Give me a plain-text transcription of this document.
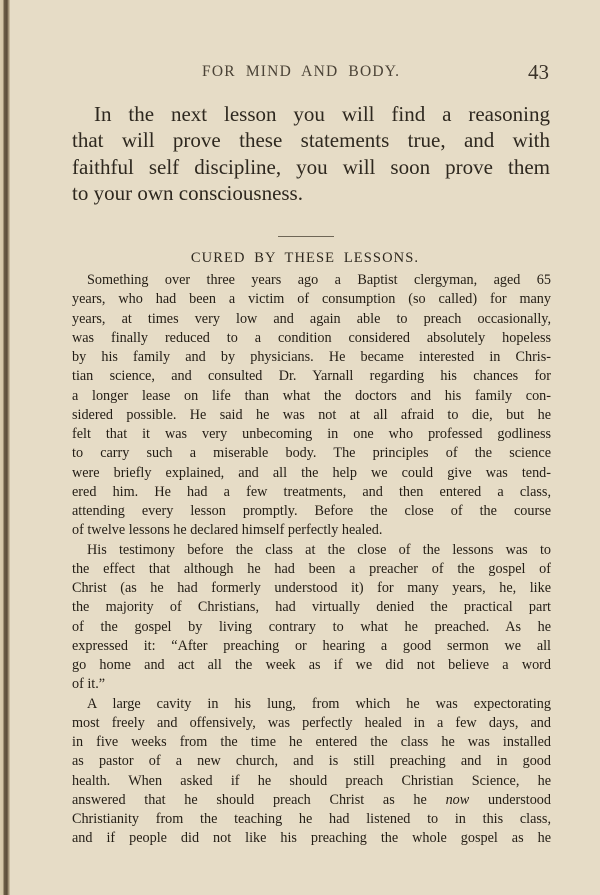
FOR MIND AND BODY.	43
In the next lesson you will find a reasoning
that will prove these statements true, and with
faithful self discipline, you will soon prove them
to your own consciousness.
CURED BY THESE LESSONS.
Something over three years ago a Baptist clergyman, aged 65
years, who had been a victim of consumption (so called) for many
years, at times very low and again able to preach occasionally,
was finally reduced to a condition considered absolutely hopeless
by his family and by physicians. He became interested in Chris-
tian science, and consulted Dr. Yarnall regarding his chances for
a longer lease on life than what the doctors and his family con-
sidered possible. He said he was not at all afraid to die, but he
felt that it was very unbecoming in one who professed godliness
to carry such a miserable body. The principles of the science
were briefly explained, and all the help we could give was tend-
ered him. He had a few treatments, and then entered a class,
attending every lesson promptly. Before the close of the course
of twelve lessons he declared himself perfectly healed.
His testimony before the class at the close of the lessons was to
the effect that although he had been a preacher of the gospel of
Christ (as he had formerly understood it) for many years, he, like
the majority of Christians, had virtually denied the practical part
of the gospel by living contrary to what he preached. As he
expressed it: “After preaching or hearing a good sermon we all
go home and act all the week as if we did not believe a word
of it.”
A large cavity in his lung, from which he was expectorating
most freely and offensively, was perfectly healed in a few days, and
in five weeks from the time he entered the class he was installed
as pastor of a new church, and is still preaching and in good
health. When asked if he should preach Christian Science, he
answered that he should preach Christ as he now understood
Christianity from the teaching he had listened to in this class,
and if people did not like his preaching the whole gospel as he
